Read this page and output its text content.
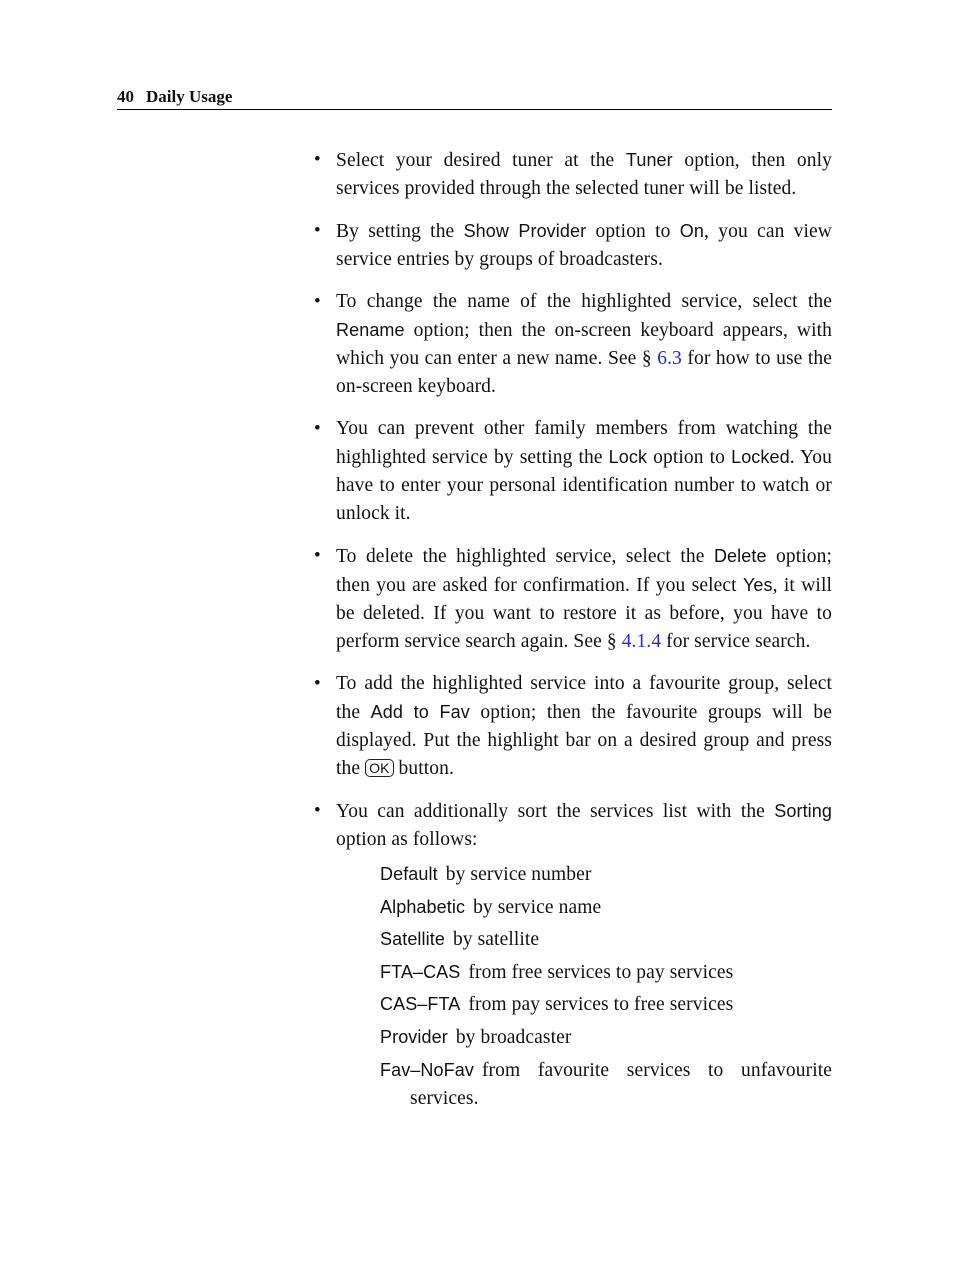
40 Daily Usage
• Select your desired tuner at the Tuner option, then only services provided through the selected tuner will be listed.
• By setting the Show Provider option to On, you can view service entries by groups of broadcasters.
• To change the name of the highlighted service, select the Rename option; then the on-screen keyboard appears, with which you can enter a new name. See § 6.3 for how to use the on-screen keyboard.
• You can prevent other family members from watching the highlighted service by setting the Lock option to Locked. You have to enter your personal identification number to watch or unlock it.
• To delete the highlighted service, select the Delete option; then you are asked for confirmation. If you select Yes, it will be deleted. If you want to restore it as before, you have to perform service search again. See § 4.1.4 for service search.
• To add the highlighted service into a favourite group, select the Add to Fav option; then the favourite groups will be displayed. Put the highlight bar on a desired group and press the OK button.
• You can additionally sort the services list with the Sorting option as follows:
Default by service number
Alphabetic by service name
Satellite by satellite
FTA–CAS from free services to pay services
CAS–FTA from pay services to free services
Provider by broadcaster
Fav–NoFav from favourite services to unfavourite services.
